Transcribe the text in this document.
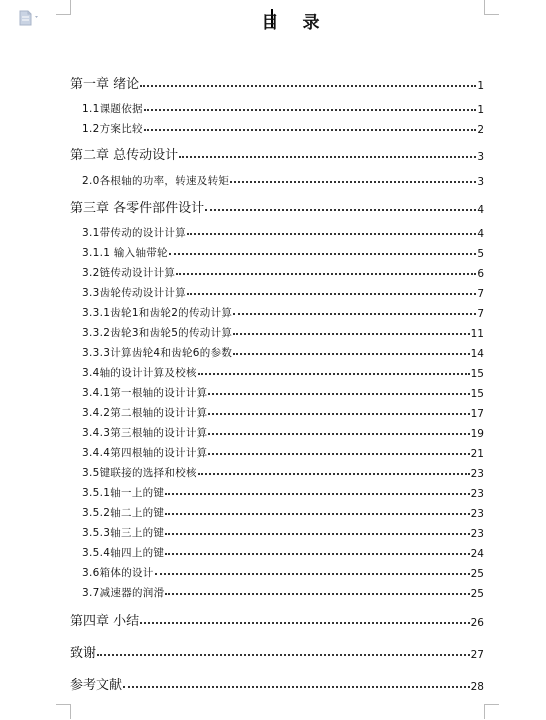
目 录
第一章 绪论	1
1.1课题依据	1
1.2方案比较	2
第二章 总传动设计	3
2.0各根轴的功率，转速及转矩	3
第三章 各零件部件设计	4
3.1带传动的设计计算	4
3.1.1 输入轴带轮	5
3.2链传动设计计算	6
3.3齿轮传动设计计算	7
3.3.1齿轮1和齿轮2的传动计算	7
3.3.2齿轮3和齿轮5的传动计算	11
3.3.3计算齿轮4和齿轮6的参数	14
3.4轴的设计计算及校核	15
3.4.1第一根轴的设计计算	15
3.4.2第二根轴的设计计算	17
3.4.3第三根轴的设计计算	19
3.4.4第四根轴的设计计算	21
3.5键联接的选择和校核	23
3.5.1轴一上的键	23
3.5.2轴二上的键	23
3.5.3轴三上的键	23
3.5.4轴四上的键	24
3.6箱体的设计	25
3.7减速器的润滑	25
第四章 小结	26
致谢	27
参考文献	28
